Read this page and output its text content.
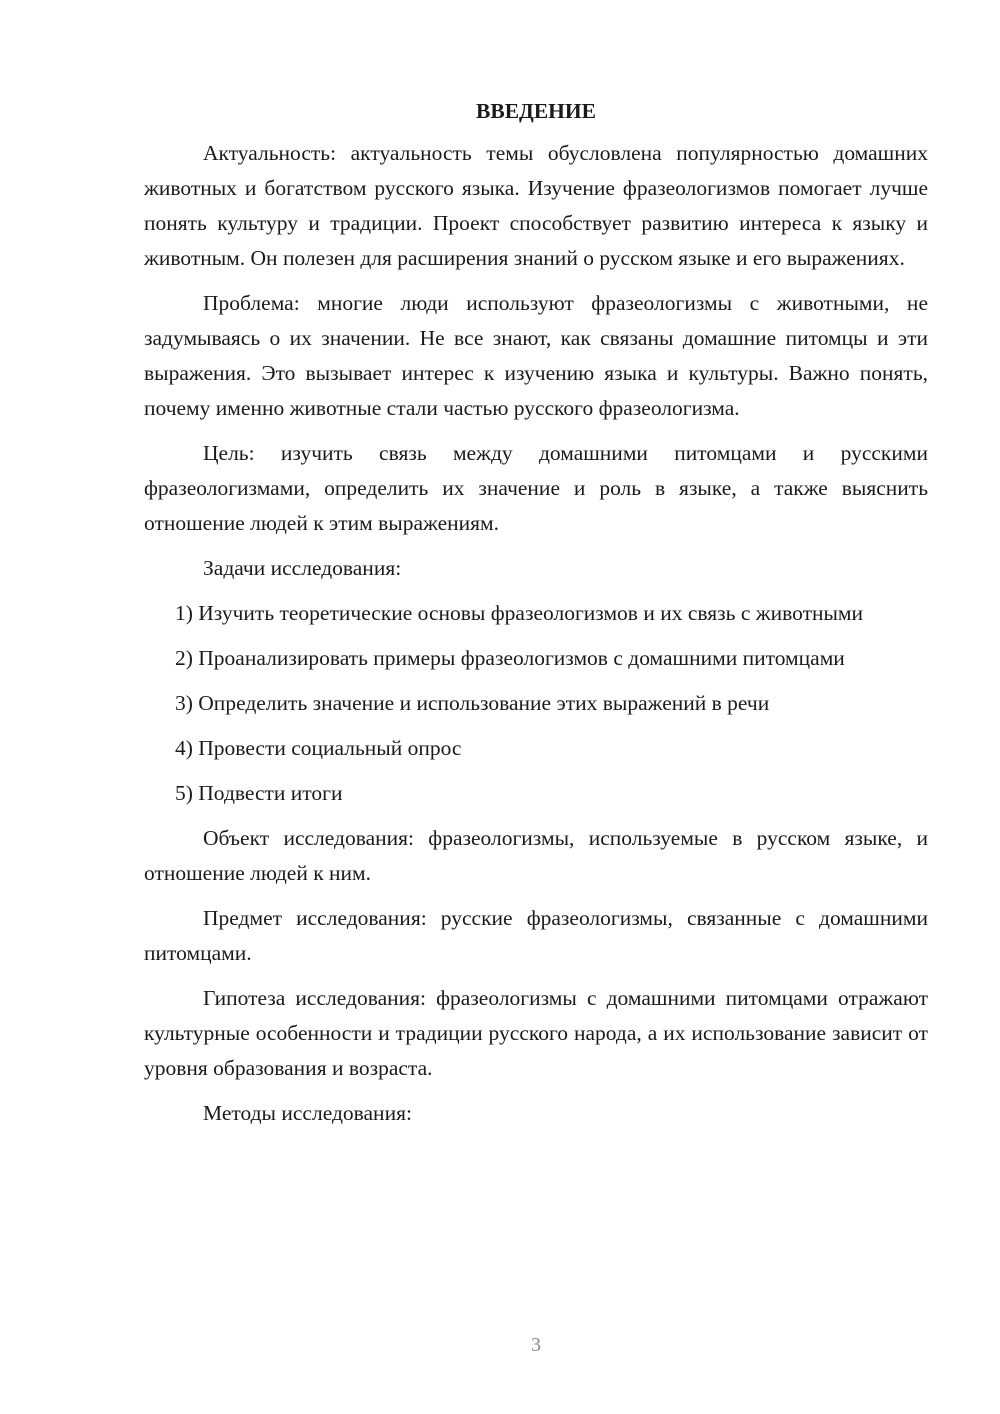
ВВЕДЕНИЕ

Актуальность: актуальность темы обусловлена популярностью домашних животных и богатством русского языка. Изучение фразеологизмов помогает лучше понять культуру и традиции. Проект способствует развитию интереса к языку и животным. Он полезен для расширения знаний о русском языке и его выражениях.

Проблема: многие люди используют фразеологизмы с животными, не задумываясь о их значении. Не все знают, как связаны домашние питомцы и эти выражения. Это вызывает интерес к изучению языка и культуры. Важно понять, почему именно животные стали частью русского фразеологизма.

Цель: изучить связь между домашними питомцами и русскими фразеологизмами, определить их значение и роль в языке, а также выяснить отношение людей к этим выражениям.

Задачи исследования:

1) Изучить теоретические основы фразеологизмов и их связь с животными

2) Проанализировать примеры фразеологизмов с домашними питомцами

3) Определить значение и использование этих выражений в речи

4) Провести социальный опрос

5) Подвести итоги

Объект исследования: фразеологизмы, используемые в русском языке, и отношение людей к ним.

Предмет исследования: русские фразеологизмы, связанные с домашними питомцами.

Гипотеза исследования: фразеологизмы с домашними питомцами отражают культурные особенности и традиции русского народа, а их использование зависит от уровня образования и возраста.

Методы исследования:

3
